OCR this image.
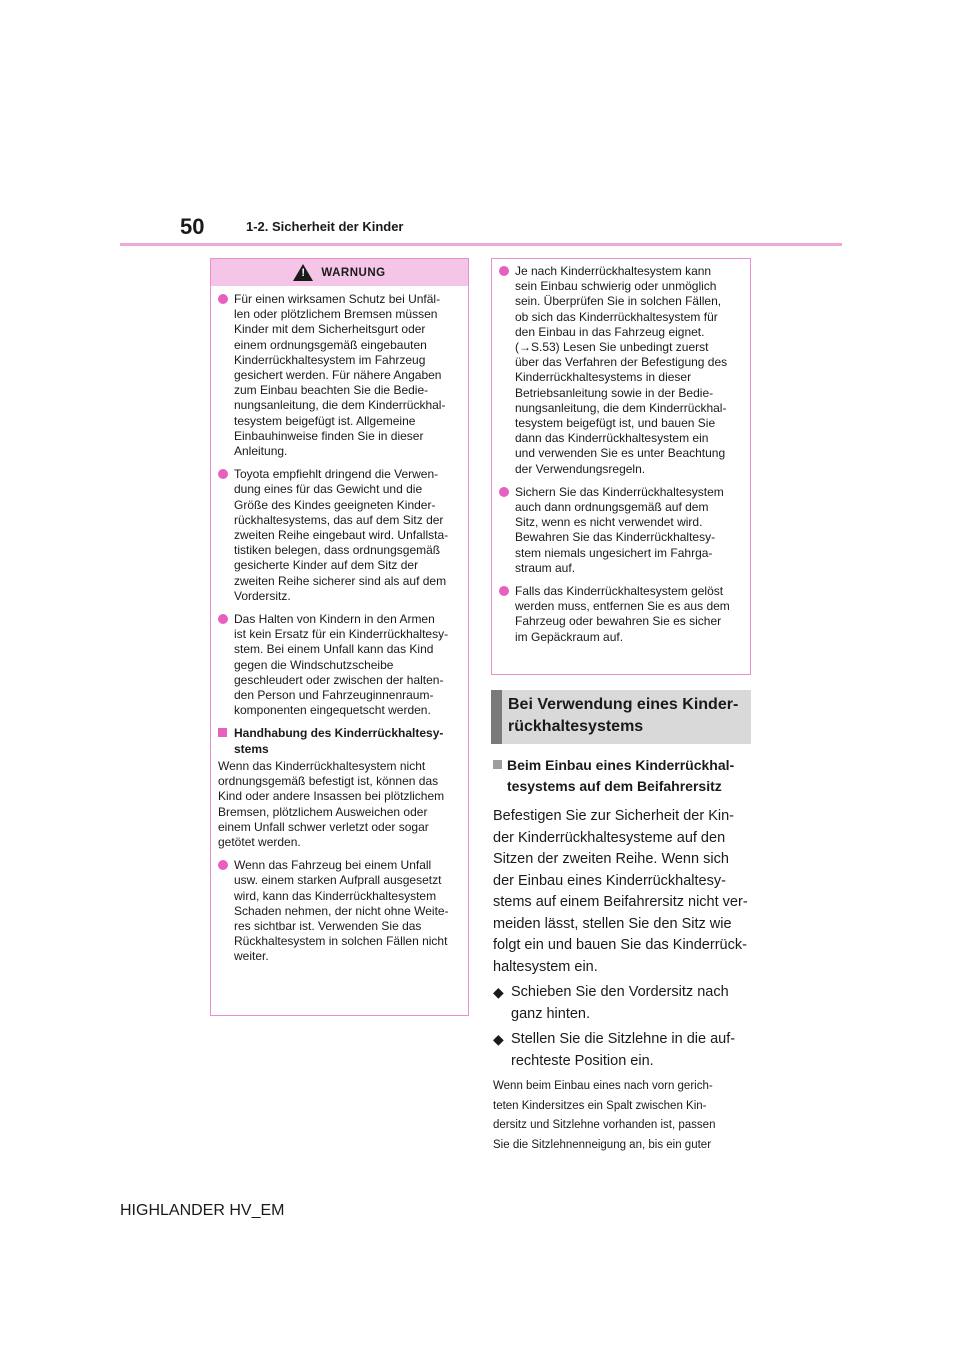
50	1-2. Sicherheit der Kinder
!
WARNUNG
Für einen wirksamen Schutz bei Unfäl-
len oder plötzlichem Bremsen müssen
Kinder mit dem Sicherheitsgurt oder
einem ordnungsgemäß eingebauten
Kinderrückhaltesystem im Fahrzeug
gesichert werden. Für nähere Angaben
zum Einbau beachten Sie die Bedie-
nungsanleitung, die dem Kinderrückhal-
tesystem beigefügt ist. Allgemeine
Einbauhinweise finden Sie in dieser
Anleitung.
Toyota empfiehlt dringend die Verwen-
dung eines für das Gewicht und die
Größe des Kindes geeigneten Kinder-
rückhaltesystems, das auf dem Sitz der
zweiten Reihe eingebaut wird. Unfallsta-
tistiken belegen, dass ordnungsgemäß
gesicherte Kinder auf dem Sitz der
zweiten Reihe sicherer sind als auf dem
Vordersitz.
Das Halten von Kindern in den Armen
ist kein Ersatz für ein Kinderrückhaltesy-
stem. Bei einem Unfall kann das Kind
gegen die Windschutzscheibe
geschleudert oder zwischen der halten-
den Person und Fahrzeuginnenraum-
komponenten eingequetscht werden.
Handhabung des Kinderrückhaltesy-
stems
Wenn das Kinderrückhaltesystem nicht
ordnungsgemäß befestigt ist, können das
Kind oder andere Insassen bei plötzlichem
Bremsen, plötzlichem Ausweichen oder
einem Unfall schwer verletzt oder sogar
getötet werden.
Wenn das Fahrzeug bei einem Unfall
usw. einem starken Aufprall ausgesetzt
wird, kann das Kinderrückhaltesystem
Schaden nehmen, der nicht ohne Weite-
res sichtbar ist. Verwenden Sie das
Rückhaltesystem in solchen Fällen nicht
weiter.
Je nach Kinderrückhaltesystem kann
sein Einbau schwierig oder unmöglich
sein. Überprüfen Sie in solchen Fällen,
ob sich das Kinderrückhaltesystem für
den Einbau in das Fahrzeug eignet.
(→S.53) Lesen Sie unbedingt zuerst
über das Verfahren der Befestigung des
Kinderrückhaltesystems in dieser
Betriebsanleitung sowie in der Bedie-
nungsanleitung, die dem Kinderrückhal-
tesystem beigefügt ist, und bauen Sie
dann das Kinderrückhaltesystem ein
und verwenden Sie es unter Beachtung
der Verwendungsregeln.
Sichern Sie das Kinderrückhaltesystem
auch dann ordnungsgemäß auf dem
Sitz, wenn es nicht verwendet wird.
Bewahren Sie das Kinderrückhaltesy-
stem niemals ungesichert im Fahrga-
straum auf.
Falls das Kinderrückhaltesystem gelöst
werden muss, entfernen Sie es aus dem
Fahrzeug oder bewahren Sie es sicher
im Gepäckraum auf.
Bei Verwendung eines Kinder-
rückhaltesystems
Beim Einbau eines Kinderrückhal-
tesystems auf dem Beifahrersitz
Befestigen Sie zur Sicherheit der Kin-
der Kinderrückhaltesysteme auf den
Sitzen der zweiten Reihe. Wenn sich
der Einbau eines Kinderrückhaltesy-
stems auf einem Beifahrersitz nicht ver-
meiden lässt, stellen Sie den Sitz wie
folgt ein und bauen Sie das Kinderrück-
haltesystem ein.
◆ Schieben Sie den Vordersitz nach
ganz hinten.
◆ Stellen Sie die Sitzlehne in die auf-
rechteste Position ein.
Wenn beim Einbau eines nach vorn gerich-
teten Kindersitzes ein Spalt zwischen Kin-
dersitz und Sitzlehne vorhanden ist, passen
Sie die Sitzlehnenneigung an, bis ein guter
HIGHLANDER HV_EM
